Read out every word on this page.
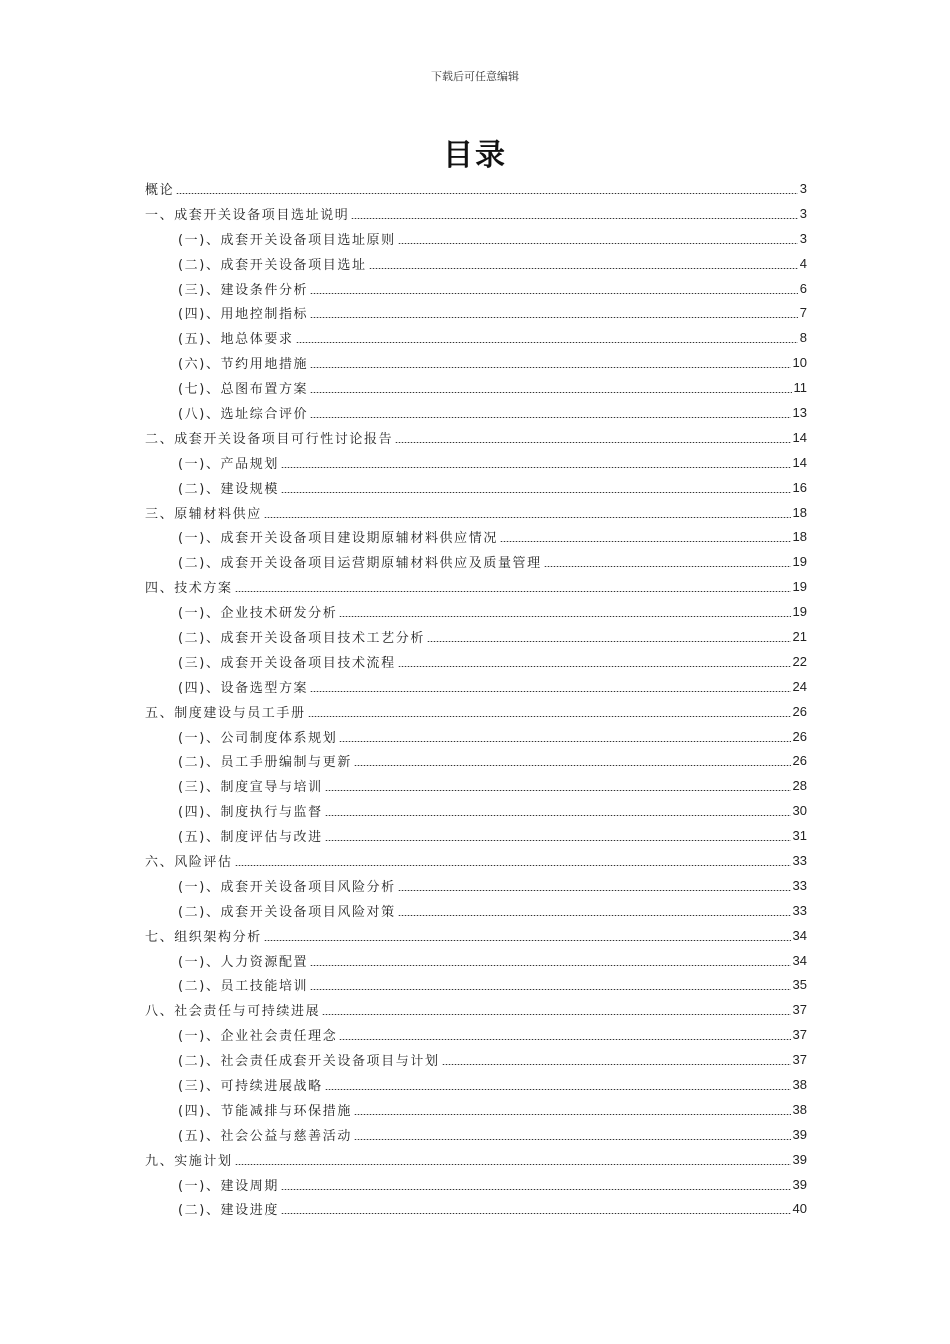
下载后可任意编辑
目录
概论	3
一、成套开关设备项目选址说明	3
(一)、成套开关设备项目选址原则	3
(二)、成套开关设备项目选址	4
(三)、建设条件分析	6
(四)、用地控制指标	7
(五)、地总体要求	8
(六)、节约用地措施	10
(七)、总图布置方案	11
(八)、选址综合评价	13
二、成套开关设备项目可行性讨论报告	14
(一)、产品规划	14
(二)、建设规模	16
三、原辅材料供应	18
(一)、成套开关设备项目建设期原辅材料供应情况	18
(二)、成套开关设备项目运营期原辅材料供应及质量管理	19
四、技术方案	19
(一)、企业技术研发分析	19
(二)、成套开关设备项目技术工艺分析	21
(三)、成套开关设备项目技术流程	22
(四)、设备选型方案	24
五、制度建设与员工手册	26
(一)、公司制度体系规划	26
(二)、员工手册编制与更新	26
(三)、制度宣导与培训	28
(四)、制度执行与监督	30
(五)、制度评估与改进	31
六、风险评估	33
(一)、成套开关设备项目风险分析	33
(二)、成套开关设备项目风险对策	33
七、组织架构分析	34
(一)、人力资源配置	34
(二)、员工技能培训	35
八、社会责任与可持续进展	37
(一)、企业社会责任理念	37
(二)、社会责任成套开关设备项目与计划	37
(三)、可持续进展战略	38
(四)、节能减排与环保措施	38
(五)、社会公益与慈善活动	39
九、实施计划	39
(一)、建设周期	39
(二)、建设进度	40
